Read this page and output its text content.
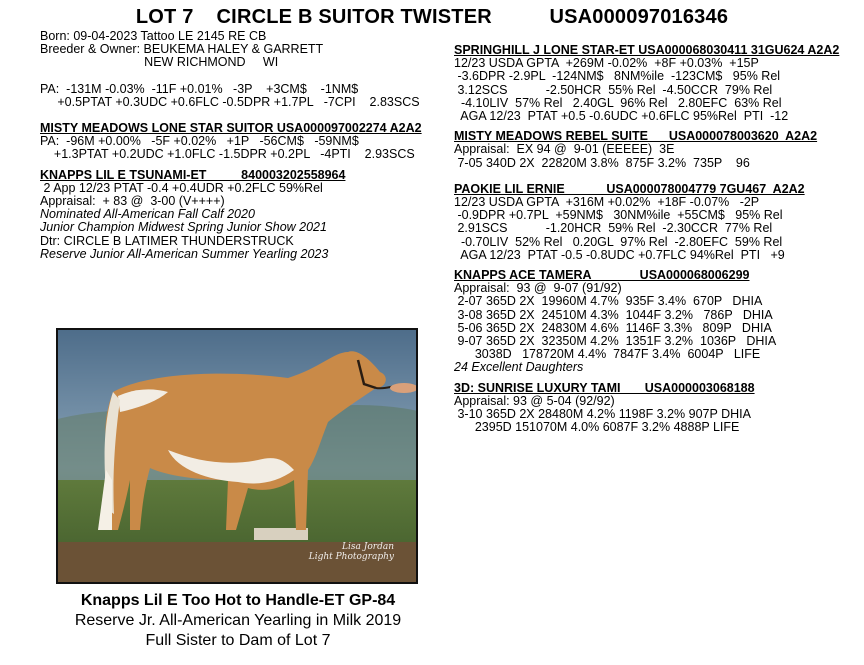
LOT 7    CIRCLE B SUITOR TWISTER          USA000097016346
Born: 09-04-2023 Tattoo LE 2145 RE CB
Breeder & Owner: BEUKEMA HALEY & GARRETT
NEW RICHMOND     WI
PA:  -131M -0.03%  -11F +0.01%   -3P    +3CM$    -1NM$
+0.5PTAT +0.3UDC +0.6FLC -0.5DPR +1.7PL   -7CPI    2.83SCS
MISTY MEADOWS LONE STAR SUITOR USA000097002274 A2A2
PA:  -96M +0.00%   -5F +0.02%   +1P   -56CM$   -59NM$
+1.3PTAT +0.2UDC +1.0FLC -1.5DPR +0.2PL   -4PTI    2.93SCS
KNAPPS LIL E TSUNAMI-ET          840003202558964
2 App 12/23 PTAT -0.4 +0.4UDR +0.2FLC 59%Rel
Appraisal:  + 83 @  3-00 (V++++)
Nominated All-American Fall Calf 2020
Junior Champion Midwest Spring Junior Show 2021
Dtr: CIRCLE B LATIMER THUNDERSTRUCK
Reserve Junior All-American Summer Yearling 2023
SPRINGHILL J LONE STAR-ET USA000068030411 31GU624 A2A2
12/23 USDA GPTA  +269M -0.02%  +8F +0.03%  +15P
-3.6DPR -2.9PL  -124NM$   8NM%ile  -123CM$   95% Rel
3.12SCS           -2.50HCR  55% Rel  -4.50CCR  79% Rel
-4.10LIV  57% Rel   2.40GL  96% Rel   2.80EFC  63% Rel
AGA 12/23  PTAT +0.5 -0.6UDC +0.6FLC 95%Rel  PTI  -12
MISTY MEADOWS REBEL SUITE      USA000078003620  A2A2
Appraisal:  EX 94 @  9-01 (EEEEE)  3E
7-05 340D 2X  22820M 3.8%  875F 3.2%  735P    96
PAOKIE LIL ERNIE            USA000078004779 7GU467  A2A2
12/23 USDA GPTA  +316M +0.02%  +18F -0.07%   -2P
-0.9DPR +0.7PL  +59NM$   30NM%ile  +55CM$   95% Rel
2.91SCS           -1.20HCR  59% Rel  -2.30CCR  77% Rel
-0.70LIV  52% Rel   0.20GL  97% Rel  -2.80EFC  59% Rel
AGA 12/23  PTAT -0.5 -0.8UDC +0.7FLC 94%Rel  PTI   +9
KNAPPS ACE TAMERA              USA000068006299
Appraisal:  93 @  9-07 (91/92)
2-07 365D 2X  19960M 4.7%  935F 3.4%  670P   DHIA
3-08 365D 2X  24510M 4.3%  1044F 3.2%   786P   DHIA
5-06 365D 2X  24830M 4.6%  1146F 3.3%   809P   DHIA
9-07 365D 2X  32350M 4.2%  1351F 3.2%  1036P   DHIA
3038D   178720M 4.4%  7847F 3.4%  6004P   LIFE
24 Excellent Daughters
3D: SUNRISE LUXURY TAMI       USA000003068188
Appraisal: 93 @ 5-04 (92/92)
3-10 365D 2X 28480M 4.2% 1198F 3.2% 907P DHIA
2395D 151070M 4.0% 6087F 3.2% 4888P LIFE
Lisa Jordan
Light Photography
Knapps Lil E Too Hot to Handle-ET GP-84
Reserve Jr. All-American Yearling in Milk 2019
Full Sister to Dam of Lot 7
